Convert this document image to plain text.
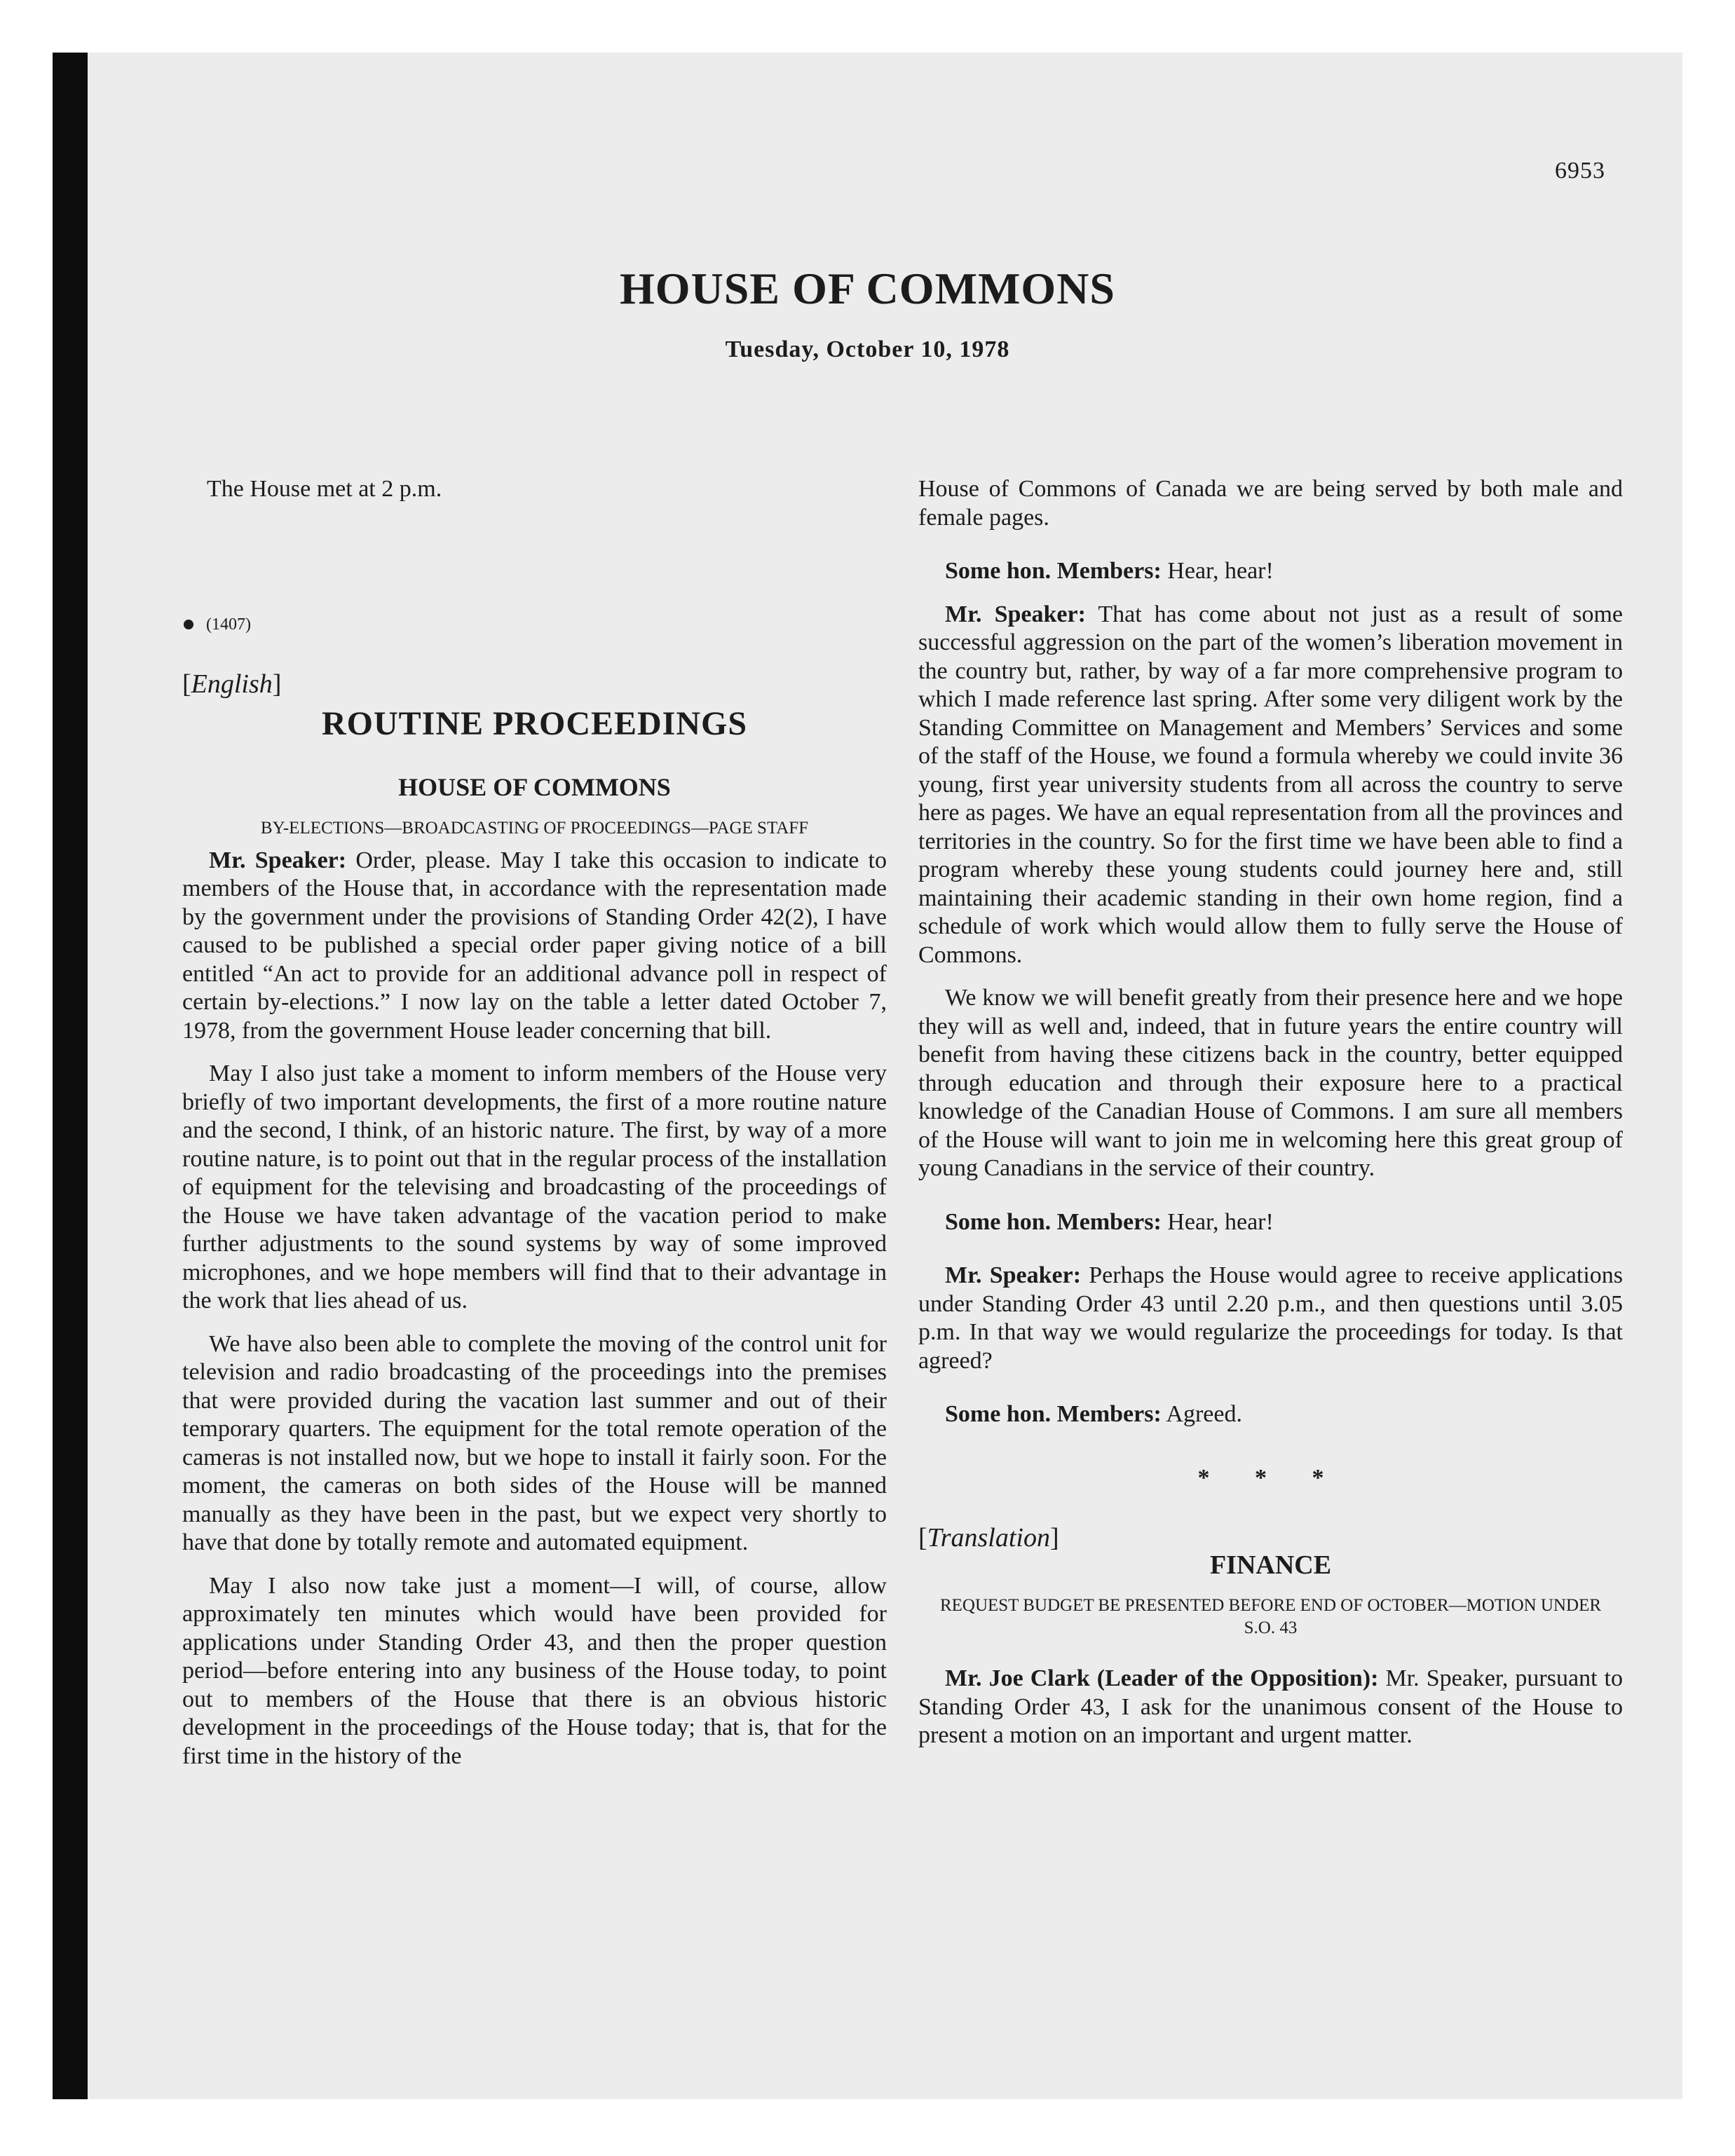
6953
HOUSE OF COMMONS
Tuesday, October 10, 1978
The House met at 2 p.m.
(1407)
[English]
ROUTINE PROCEEDINGS
HOUSE OF COMMONS
BY-ELECTIONS—BROADCASTING OF PROCEEDINGS—PAGE STAFF

Mr. Speaker: Order, please. May I take this occasion to indicate to members of the House that, in accordance with the representation made by the government under the provisions of Standing Order 42(2), I have caused to be published a special order paper giving notice of a bill entitled “An act to provide for an additional advance poll in respect of certain by-elections.” I now lay on the table a letter dated October 7, 1978, from the government House leader concerning that bill.

May I also just take a moment to inform members of the House very briefly of two important developments, the first of a more routine nature and the second, I think, of an historic nature. The first, by way of a more routine nature, is to point out that in the regular process of the installation of equipment for the televising and broadcasting of the proceedings of the House we have taken advantage of the vacation period to make further adjustments to the sound systems by way of some improved microphones, and we hope members will find that to their advantage in the work that lies ahead of us.

We have also been able to complete the moving of the control unit for television and radio broadcasting of the proceedings into the premises that were provided during the vacation last summer and out of their temporary quarters. The equipment for the total remote operation of the cameras is not installed now, but we hope to install it fairly soon. For the moment, the cameras on both sides of the House will be manned manually as they have been in the past, but we expect very shortly to have that done by totally remote and automated equipment.

May I also now take just a moment—I will, of course, allow approximately ten minutes which would have been provided for applications under Standing Order 43, and then the proper question period—before entering into any business of the House today, to point out to members of the House that there is an obvious historic development in the proceedings of the House today; that is, that for the first time in the history of the

House of Commons of Canada we are being served by both male and female pages.

Some hon. Members: Hear, hear!

Mr. Speaker: That has come about not just as a result of some successful aggression on the part of the women’s liberation movement in the country but, rather, by way of a far more comprehensive program to which I made reference last spring. After some very diligent work by the Standing Committee on Management and Members’ Services and some of the staff of the House, we found a formula whereby we could invite 36 young, first year university students from all across the country to serve here as pages. We have an equal representation from all the provinces and territories in the country. So for the first time we have been able to find a program whereby these young students could journey here and, still maintaining their academic standing in their own home region, find a schedule of work which would allow them to fully serve the House of Commons.

We know we will benefit greatly from their presence here and we hope they will as well and, indeed, that in future years the entire country will benefit from having these citizens back in the country, better equipped through education and through their exposure here to a practical knowledge of the Canadian House of Commons. I am sure all members of the House will want to join me in welcoming here this great group of young Canadians in the service of their country.

Some hon. Members: Hear, hear!

Mr. Speaker: Perhaps the House would agree to receive applications under Standing Order 43 until 2.20 p.m., and then questions until 3.05 p.m. In that way we would regularize the proceedings for today. Is that agreed?

Some hon. Members: Agreed.

* * *
[Translation]
FINANCE
REQUEST BUDGET BE PRESENTED BEFORE END OF OCTOBER—MOTION UNDER S.O. 43

Mr. Joe Clark (Leader of the Opposition): Mr. Speaker, pursuant to Standing Order 43, I ask for the unanimous consent of the House to present a motion on an important and urgent matter.
